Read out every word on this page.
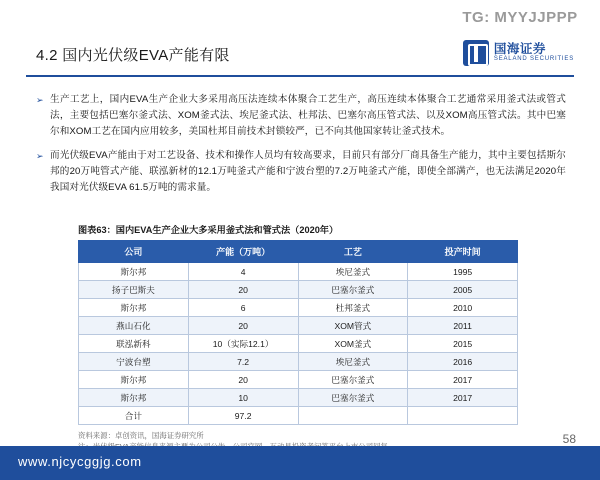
TG: MYYJJPPP
4.2 国内光伏级EVA产能有限	国海证券
SEALAND SECURITIES
➢ 生产工艺上，国内EVA生产企业大多采用高压法连续本体聚合工艺生产，高压连续本体聚合工艺通常采用釜式法或管式法，主要包括巴塞尔釜式法、XOM釜式法、埃尼釜式法、杜邦法、巴塞尔高压管式法、以及XOM高压管式法。其中巴塞尔和XOM工艺在国内应用较多，美国杜邦目前技术封锁较严，已不向其他国家转让釜式技术。
➢ 而光伏级EVA产能由于对工艺设备、技术和操作人员均有较高要求，目前只有部分厂商具备生产能力，其中主要包括斯尔邦的20万吨管式产能、联泓新材的12.1万吨釜式产能和宁波台塑的7.2万吨釜式产能，即使全部满产，也无法满足2020年我国对光伏级EVA 61.5万吨的需求量。
图表63：国内EVA生产企业大多采用釜式法和管式法（2020年）
公司	产能（万吨）	工艺	投产时间
斯尔邦	4	埃尼釜式	1995
扬子巴斯夫	20	巴塞尔釜式	2005
斯尔邦	6	杜邦釜式	2010
燕山石化	20	XOM管式	2011
联泓新科	10（实际12.1）	XOM釜式	2015
宁波台塑	7.2	埃尼釜式	2016
斯尔邦	20	巴塞尔釜式	2017
斯尔邦	10	巴塞尔釜式	2017
合计	97.2		
资料来源：卓创资讯，国海证券研究所	58
www.njcycggjg.com
